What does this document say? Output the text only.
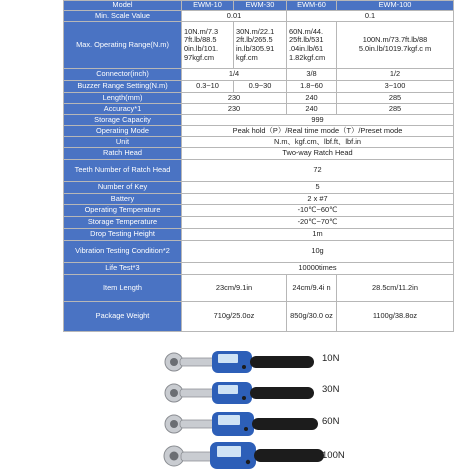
Model	EWM-10	EWM-30	EWM-60	EWM-100
Min. Scale Value	0.01		0.1	
Max. Operating Range(N.m)	10N.m/7.3 7ft.lb/88.5 0in.lb/101. 97kgf.cm	30N.m/22.1 2ft.lb/265.5 in.lb/305.91 kgf.cm	60N.m/44. 25ft.lb/531 .04in.lb/61 1.82kgf.cm	100N.m/73.7ft.lb/88 5.0in.lb/1019.7kgf.c m
Connector(inch)	1/4		3/8	1/2
Buzzer Range Setting(N.m)	0.3~10	0.9~30	1.8~60	3~100
Length(mm)	230		240	285
Accuracy*1	230		240	285
Storage Capacity	999			
Operating Mode	Peak hold（P）/Real time mode（T）/Preset mode			
Unit	N.m、kgf.cm、lbf.ft、lbf.in			
Ratch Head	Two-way Ratch Head			
Teeth Number of Ratch Head	72			
Number of Key	5			
Battery	2 x #7			
Operating Temperature	-10℃~60℃			
Storage Temperature	-20℃~70℃			
Drop Testing Height	1m			
Vibration Testing Condition*2	10g			
Life Test*3	10000times			
Item Length	23cm/9.1in		24cm/9.4i n	28.5cm/11.2in
Package Weight	710g/25.0oz		850g/30.0 oz	1100g/38.8oz
10N
30N
60N
100N
